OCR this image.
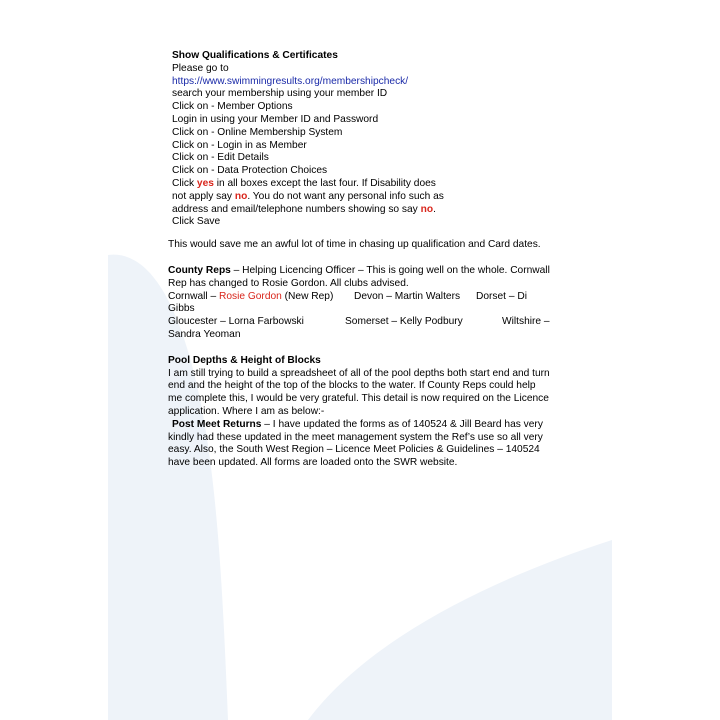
Show Qualifications & Certificates
Please go to
https://www.swimmingresults.org/membershipcheck/
search your membership using your member ID
Click on - Member Options
Login in using your Member ID and Password
Click on - Online Membership System
Click on - Login in as Member
Click on - Edit Details
Click on - Data Protection Choices
Click yes in all boxes except the last four. If Disability does
not apply say no. You do not want any personal info such as
address and email/telephone numbers showing so say no.
Click Save
This would save me an awful lot of time in chasing up qualification and Card dates.
County Reps – Helping Licencing Officer – This is going well on the whole. Cornwall
Rep has changed to Rosie Gordon. All clubs advised.
Cornwall – Rosie Gordon (New Rep) Devon – Martin Walters Dorset – Di
Gibbs
Gloucester – Lorna Farbowski	Somerset – Kelly Podbury	Wiltshire –
Sandra Yeoman
Pool Depths & Height of Blocks
I am still trying to build a spreadsheet of all of the pool depths both start end and turn
end and the height of the top of the blocks to the water. If County Reps could help
me complete this, I would be very grateful. This detail is now required on the Licence
application. Where I am as below:-
Post Meet Returns – I have updated the forms as of 140524 & Jill Beard has very
kindly had these updated in the meet management system the Ref’s use so all very
easy. Also, the South West Region – Licence Meet Policies & Guidelines – 140524
have been updated. All forms are loaded onto the SWR website.
